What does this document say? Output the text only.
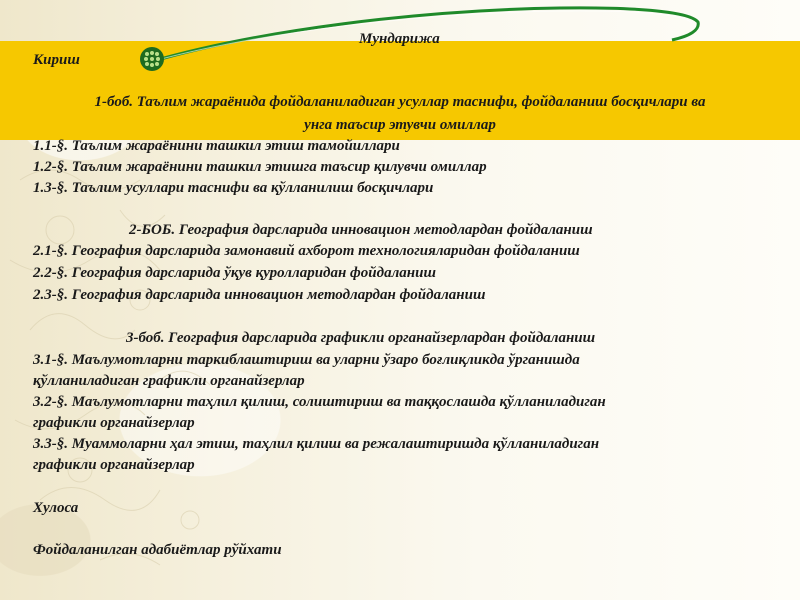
Мундарижа
Кириш
1-боб. Таълим жараёнида фойдаланиладиган усуллар таснифи, фойдаланиш босқичлари ва
унга таъсир этувчи омиллар
1.1-§. Таълим жараёнини ташкил этиш тамойиллари
1.2-§. Таълим жараёнини ташкил этишга таъсир қилувчи омиллар
1.3-§. Таълим усуллари таснифи ва қўлланилиш босқичлари
2-БОБ. География дарсларида инновацион методлардан фойдаланиш
2.1-§. География дарсларида замонавий ахборот технологияларидан фойдаланиш
2.2-§. География дарсларида ўқув қуролларидан фойдаланиш
2.3-§. География дарсларида инновацион методлардан фойдаланиш
3-боб. География дарсларида графикли органайзерлардан фойдаланиш
3.1-§. Маълумотларни таркиблаштириш ва уларни ўзаро боғлиқликда ўрганишда
қўлланиладиган графикли органайзерлар
3.2-§. Маълумотларни таҳлил қилиш, солиштириш ва таққослашда қўлланиладиган
графикли органайзерлар
3.3-§. Муаммоларни ҳал этиш, таҳлил қилиш ва режалаштиришда қўлланиладиган
графикли органайзерлар
Хулоса
Фойдаланилган адабиётлар рўйхати
